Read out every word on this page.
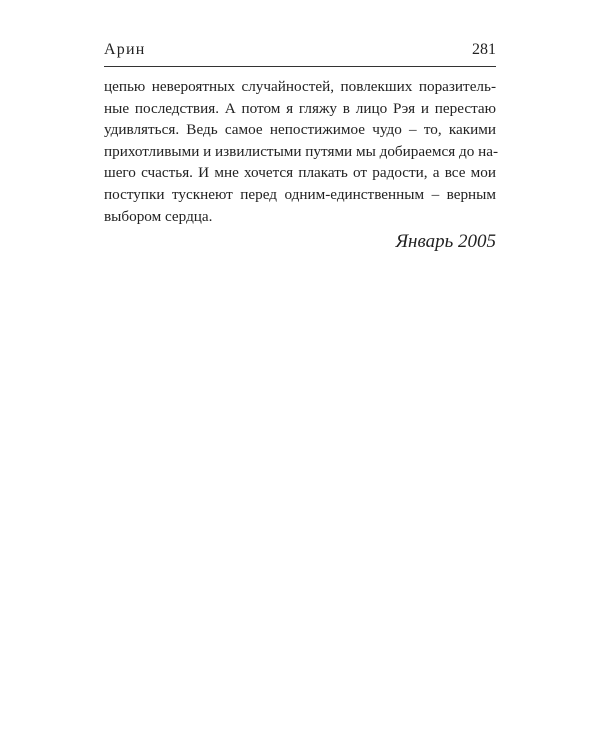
Арин	281
цепью невероятных случайностей, повлекших поразитель-
ные последствия. А потом я гляжу в лицо Рэя и перестаю
удивляться. Ведь самое непостижимое чудо – то, какими
прихотливыми и извилистыми путями мы добираемся до на-
шего счастья. И мне хочется плакать от радости, а все мои
поступки тускнеют перед одним-единственным – верным
выбором сердца.
Январь 2005
